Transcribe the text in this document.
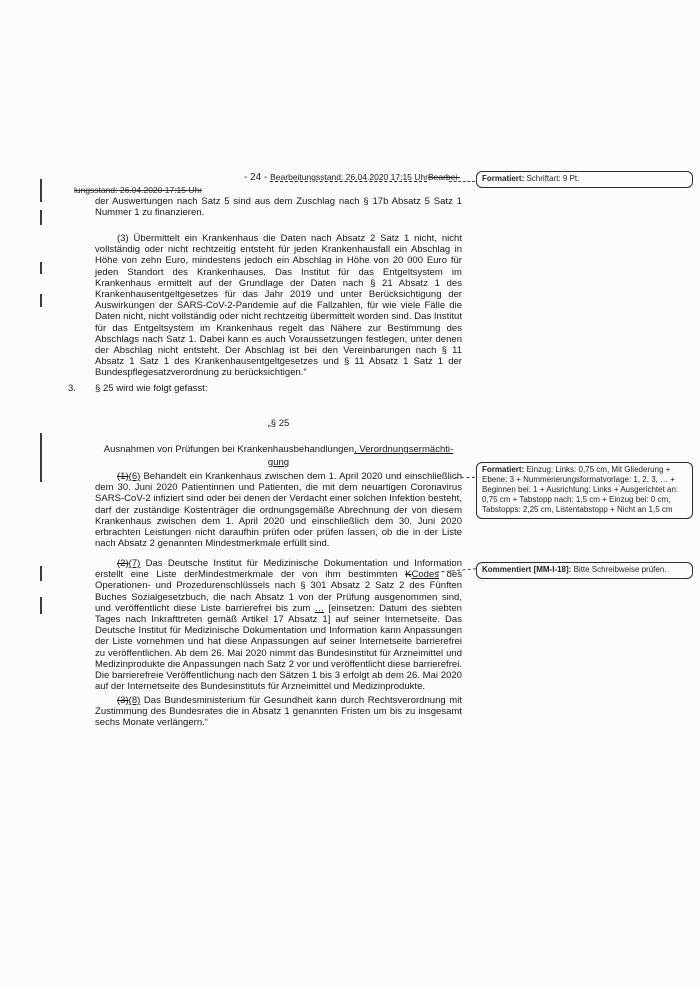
- 24 - Bearbeitungsstand: 26.04.2020 17:15 UhrBearbei-
lungsstand: 26.04.2020 17:15 Uhr
der Auswertungen nach Satz 5 sind aus dem Zuschlag nach § 17b Absatz 5 Satz 1 Nummer 1 zu finanzieren.
(3) Übermittelt ein Krankenhaus die Daten nach Absatz 2 Satz 1 nicht, nicht vollständig oder nicht rechtzeitig entsteht für jeden Krankenhausfall ein Abschlag in Höhe von zehn Euro, mindestens jedoch ein Abschlag in Höhe von 20 000 Euro für jeden Standort des Krankenhauses. Das Institut für das Entgeltsystem im Krankenhaus ermittelt auf der Grundlage der Daten nach § 21 Absatz 1 des Krankenhausentgeltgesetzes für das Jahr 2019 und unter Berücksichtigung der Auswirkungen der SARS-CoV-2-Pandemie auf die Fallzahlen, für wie viele Fälle die Daten nicht, nicht vollständig oder nicht rechtzeitig übermittelt worden sind. Das Institut für das Entgeltsystem im Krankenhaus regelt das Nähere zur Bestimmung des Abschlags nach Satz 1. Dabei kann es auch Voraussetzungen festlegen, unter denen der Abschlag nicht entsteht. Der Abschlag ist bei den Vereinbarungen nach § 11 Absatz 1 Satz 1 des Krankenhausentgeltgesetzes und § 11 Absatz 1 Satz 1 der Bundespflegesatzverordnung zu berücksichtigen.“
3. § 25 wird wie folgt gefasst:
„§ 25
Ausnahmen von Prüfungen bei Krankenhausbehandlungen, Verordnungsermächti-
gung
(1)(6) Behandelt ein Krankenhaus zwischen dem 1. April 2020 und einschließlich dem 30. Juni 2020 Patientinnen und Patienten, die mit dem neuartigen Coronavirus SARS-CoV-2 infiziert sind oder bei denen der Verdacht einer solchen Infektion besteht, darf der zuständige Kostenträger die ordnungsgemäße Abrechnung der von diesem Krankenhaus zwischen dem 1. April 2020 und einschließlich dem 30. Juni 2020 erbrachten Leistungen nicht daraufhin prüfen oder prüfen lassen, ob die in der Liste nach Absatz 2 genannten Mindestmerkmale erfüllt sind.
(2)(7) Das Deutsche Institut für Medizinische Dokumentation und Information erstellt eine Liste derMindestmerkmale der von ihm bestimmten KCodes des Operationen- und Prozedurenschlüssels nach § 301 Absatz 2 Satz 2 des Fünften Buches Sozialgesetzbuch, die nach Absatz 1 von der Prüfung ausgenommen sind, und veröffentlicht diese Liste barrierefrei bis zum … [einsetzen: Datum des siebten Tages nach Inkrafttreten gemäß Artikel 17 Absatz 1] auf seiner Internetseite. Das Deutsche Institut für Medizinische Dokumentation und Information kann Anpassungen der Liste vornehmen und hat diese Anpassungen auf seiner Internetseite barrierefrei zu veröffentlichen. Ab dem 26. Mai 2020 nimmt das Bundesinstitut für Arzneimittel und Medizinprodukte die Anpassungen nach Satz 2 vor und veröffentlicht diese barrierefrei. Die barrierefreie Veröffentlichung nach den Sätzen 1 bis 3 erfolgt ab dem 26. Mai 2020 auf der Internetseite des Bundesinstituts für Arzneimittel und Medizinprodukte.
(3)(8) Das Bundesministerium für Gesundheit kann durch Rechtsverordnung mit Zustimmung des Bundesrates die in Absatz 1 genannten Fristen um bis zu insgesamt sechs Monate verlängern.“
Formatiert: Schriftart: 9 Pt.
Formatiert: Einzug: Links: 0,75 cm, Mit Gliederung + Ebene: 3 + Nummerierungsformatvorlage: 1, 2, 3, … + Beginnen bei: 1 + Ausrichtung: Links + Ausgerichtet an: 0,75 cm + Tabstopp nach: 1,5 cm + Einzug bei: 0 cm, Tabstopps: 2,25 cm, Listentabstopp + Nicht an 1,5 cm
Kommentiert [MM-I-18]: Bitte Schreibweise prüfen.
